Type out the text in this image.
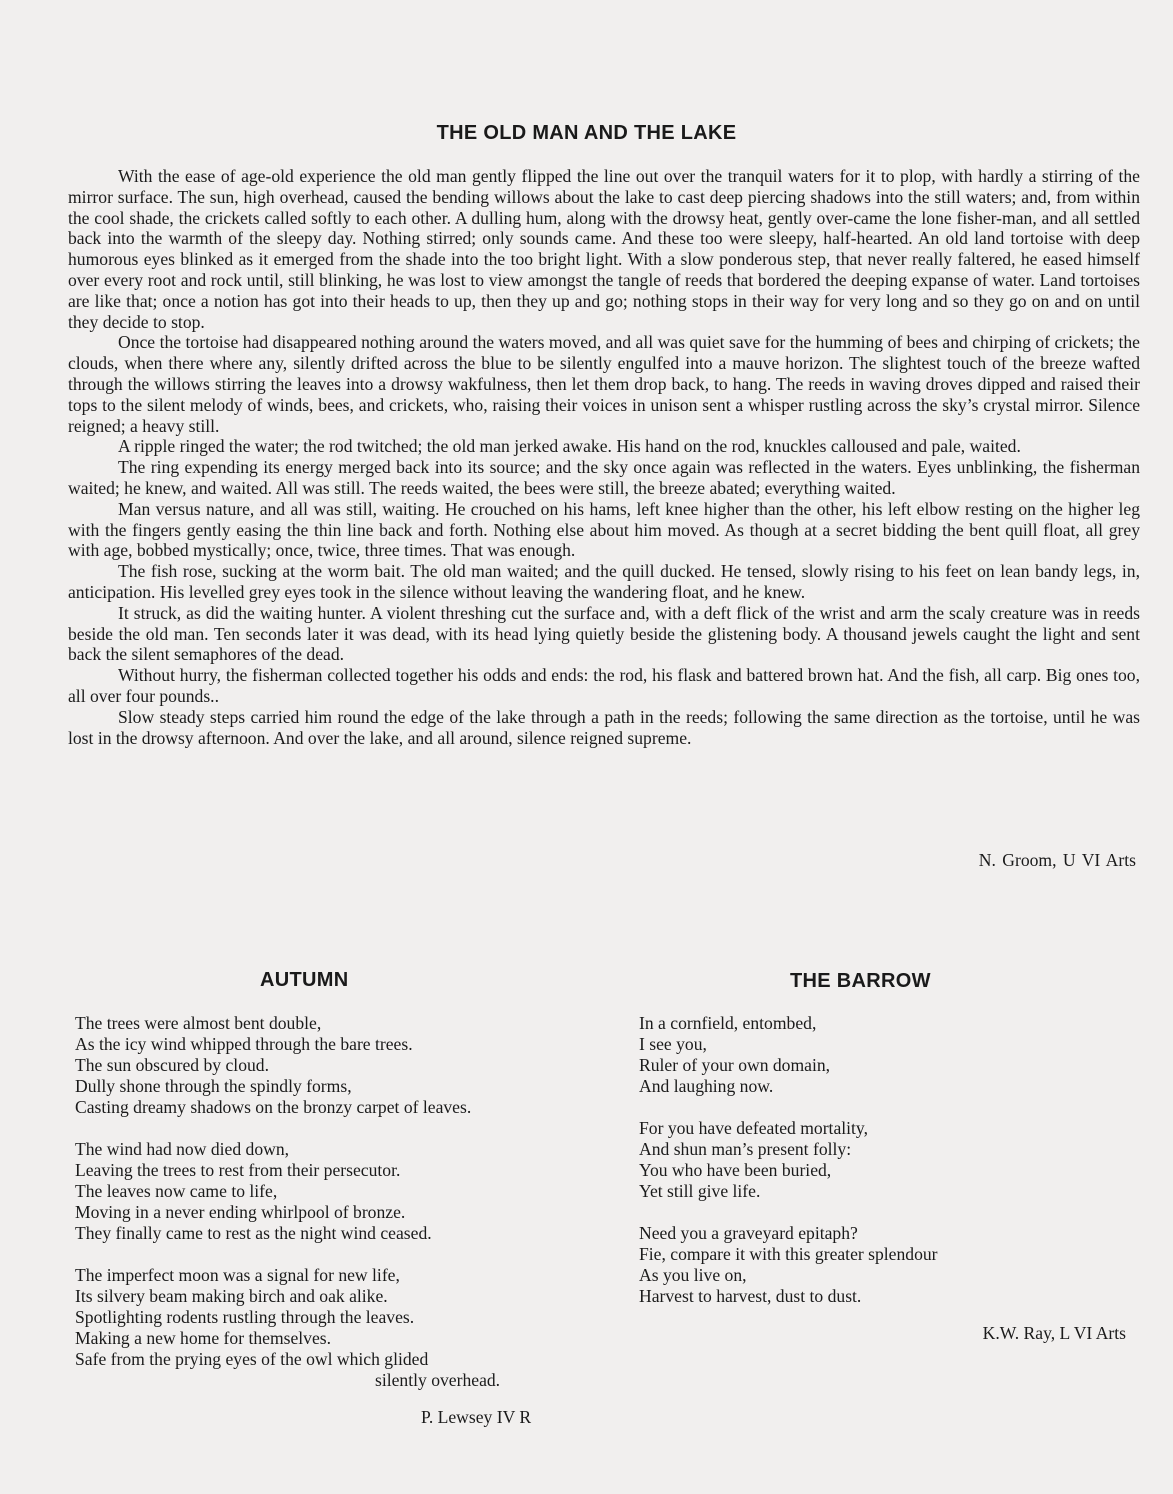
THE OLD MAN AND THE LAKE

With the ease of age-old experience the old man gently flipped the line out over the tranquil waters for it to plop, with hardly a stirring of the mirror surface. The sun, high overhead, caused the bending willows about the lake to cast deep piercing shadows into the still waters; and, from within the cool shade, the crickets called softly to each other. A dulling hum, along with the drowsy heat, gently over-came the lone fisher-man, and all settled back into the warmth of the sleepy day. Nothing stirred; only sounds came. And these too were sleepy, half-hearted. An old land tortoise with deep humorous eyes blinked as it emerged from the shade into the too bright light. With a slow ponderous step, that never really faltered, he eased himself over every root and rock until, still blinking, he was lost to view amongst the tangle of reeds that bordered the deeping expanse of water. Land tortoises are like that; once a notion has got into their heads to up, then they up and go; nothing stops in their way for very long and so they go on and on until they decide to stop.

Once the tortoise had disappeared nothing around the waters moved, and all was quiet save for the humming of bees and chirping of crickets; the clouds, when there where any, silently drifted across the blue to be silently engulfed into a mauve horizon. The slightest touch of the breeze wafted through the willows stirring the leaves into a drowsy wakfulness, then let them drop back, to hang. The reeds in waving droves dipped and raised their tops to the silent melody of winds, bees, and crickets, who, raising their voices in unison sent a whisper rustling across the sky’s crystal mirror. Silence reigned; a heavy still.

A ripple ringed the water; the rod twitched; the old man jerked awake. His hand on the rod, knuckles calloused and pale, waited.

The ring expending its energy merged back into its source; and the sky once again was reflected in the waters. Eyes unblinking, the fisherman waited; he knew, and waited. All was still. The reeds waited, the bees were still, the breeze abated; everything waited.

Man versus nature, and all was still, waiting. He crouched on his hams, left knee higher than the other, his left elbow resting on the higher leg with the fingers gently easing the thin line back and forth. Nothing else about him moved. As though at a secret bidding the bent quill float, all grey with age, bobbed mystically; once, twice, three times. That was enough.

The fish rose, sucking at the worm bait. The old man waited; and the quill ducked. He tensed, slowly rising to his feet on lean bandy legs, in, anticipation. His levelled grey eyes took in the silence without leaving the wandering float, and he knew.

It struck, as did the waiting hunter. A violent threshing cut the surface and, with a deft flick of the wrist and arm the scaly creature was in reeds beside the old man. Ten seconds later it was dead, with its head lying quietly beside the glistening body. A thousand jewels caught the light and sent back the silent semaphores of the dead.

Without hurry, the fisherman collected together his odds and ends: the rod, his flask and battered brown hat. And the fish, all carp. Big ones too, all over four pounds..

Slow steady steps carried him round the edge of the lake through a path in the reeds; following the same direction as the tortoise, until he was lost in the drowsy afternoon. And over the lake, and all around, silence reigned supreme.

N. Groom, U VI Arts
AUTUMN	THE BARROW
The trees were almost bent double,
As the icy wind whipped through the bare trees.
The sun obscured by cloud.
Dully shone through the spindly forms,
Casting dreamy shadows on the bronzy carpet of leaves.
The wind had now died down,
Leaving the trees to rest from their persecutor.
The leaves now came to life,
Moving in a never ending whirlpool of bronze.
They finally came to rest as the night wind ceased.
The imperfect moon was a signal for new life,
Its silvery beam making birch and oak alike.
Spotlighting rodents rustling through the leaves.
Making a new home for themselves.
Safe from the prying eyes of the owl which glided
silently overhead.
P. Lewsey IV R
In a cornfield, entombed,
I see you,
Ruler of your own domain,
And laughing now.
For you have defeated mortality,
And shun man’s present folly:
You who have been buried,
Yet still give life.
Need you a graveyard epitaph?
Fie, compare it with this greater splendour
As you live on,
Harvest to harvest, dust to dust.
K.W. Ray, L VI Arts
